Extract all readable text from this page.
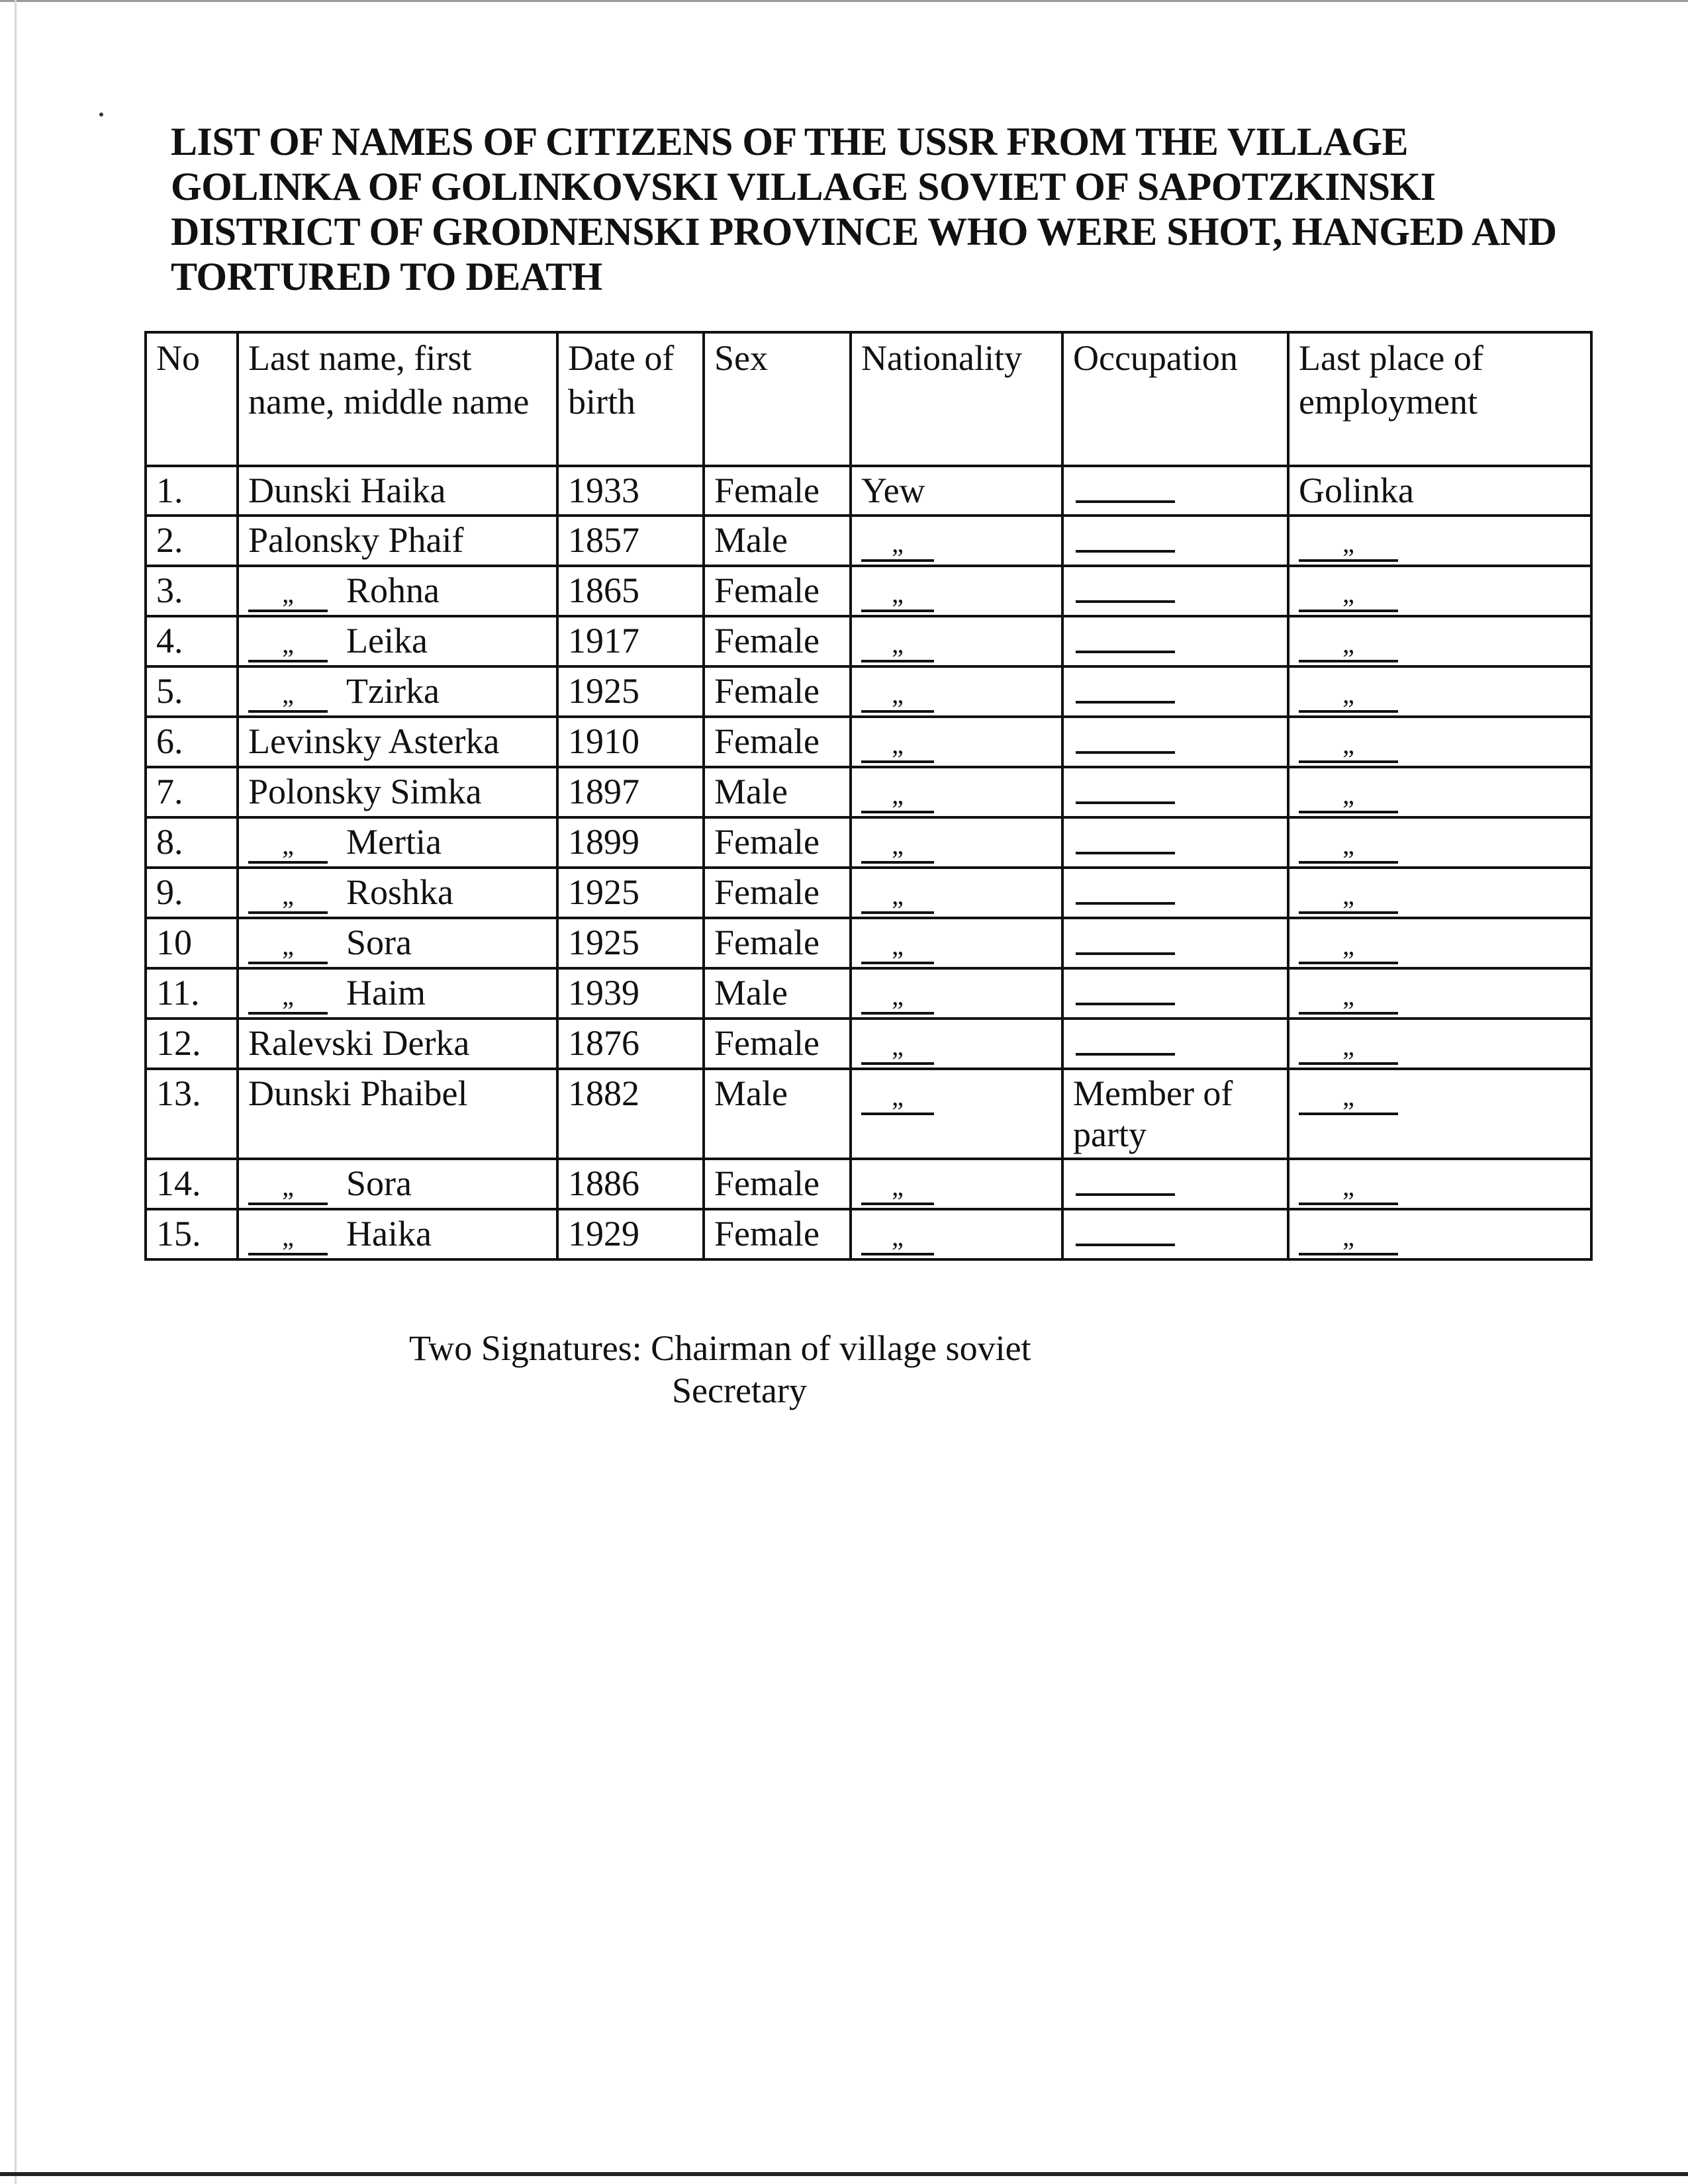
LIST OF NAMES OF CITIZENS OF THE USSR FROM THE VILLAGE
GOLINKA OF GOLINKOVSKI VILLAGE SOVIET OF SAPOTZKINSKI
DISTRICT OF GRODNENSKI PROVINCE WHO WERE SHOT, HANGED AND
TORTURED TO DEATH
No	Last name, first name, middle name	Date of birth	Sex	Nationality	Occupation	Last place of employment
1.	Dunski Haika	1933	Female	Yew		Golinka
2.	Palonsky Phaif	1857	Male	„		„
3.	„ Rohna	1865	Female	„		„
4.	„ Leika	1917	Female	„		„
5.	„ Tzirka	1925	Female	„		„
6.	Levinsky Asterka	1910	Female	„		„
7.	Polonsky Simka	1897	Male	„		„
8.	„ Mertia	1899	Female	„		„
9.	„ Roshka	1925	Female	„		„
10	„ Sora	1925	Female	„		„
11.	„ Haim	1939	Male	„		„
12.	Ralevski Derka	1876	Female	„		„
13.	Dunski Phaibel	1882	Male	„	Member of party	„
14.	„ Sora	1886	Female	„		„
15.	„ Haika	1929	Female	„		„
Two Signatures: Chairman of village soviet
Secretary
